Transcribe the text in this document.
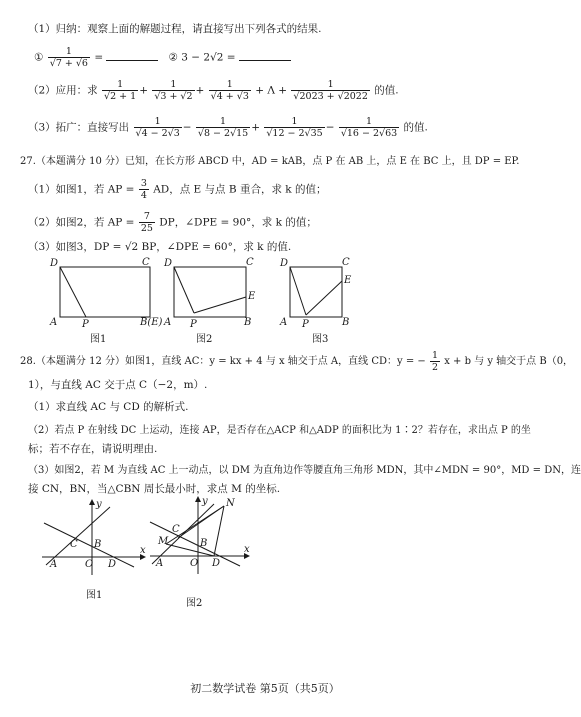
（1）归纳：观察上面的解题过程，请直接写出下列各式的结果.
① $\frac{1}{√7 + √6}$ =	② 3 − 2√2 =
（2）应用：求 $\frac{1}{√2 + 1} + \frac{1}{√3 + √2} + \frac{1}{√4 + √3} + \Lambda + \frac{1}{√2023 + √2022}$ 的值.
（3）拓广：直接写出 $\frac{1}{√4 - 2√3} - \frac{1}{√8 - 2√15} + \frac{1}{√12 - 2√35} - \frac{1}{√16 - 2√63}$ 的值.
27.（本题满分 10 分）已知，在长方形 ABCD 中，AD = kAB，点 P 在 AB 上，点 E 在 BC 上，且 DP = EP.
（1）如图1，若 AP = $\frac{3}{4}$ AD，点 E 与点 B 重合，求 k 的值；
（2）如图2，若 AP = $\frac{7}{25}$ DP，∠DPE = 90°，求 k 的值；
（3）如图3，DP = √2 BP，∠DPE = 60°，求 k 的值.
D	C
A P	B(E)
图1
D	C
E
A P	B
图2
D	C
E
A P	B
图3
28.（本题满分 12 分）如图1，直线 AC：y = kx + 4 与 x 轴交于点 A，直线 CD：y = − $\frac{1}{2}$ x + b 与 y 轴交于点 B（0，
1），与直线 AC 交于点 C（−2，m）.
（1）求直线 AC 与 CD 的解析式.
（2）若点 P 在射线 DC 上运动，连接 AP，是否存在△ACP 和△ADP 的面积比为 1∶2？若存在，求出点 P 的坐
标；若不存在，请说明理由.
（3）如图2，若 M 为直线 AC 上一动点，以 DM 为直角边作等腰直角三角形 MDN，其中∠MDN = 90°，MD = DN，连
接 CN，BN，当△CBN 周长最小时，求点 M 的坐标.
A	O D
x
y
C B
图1
A	O D
x
y
C
M	B
N
图2
初二数学试卷 第5页（共5页）
